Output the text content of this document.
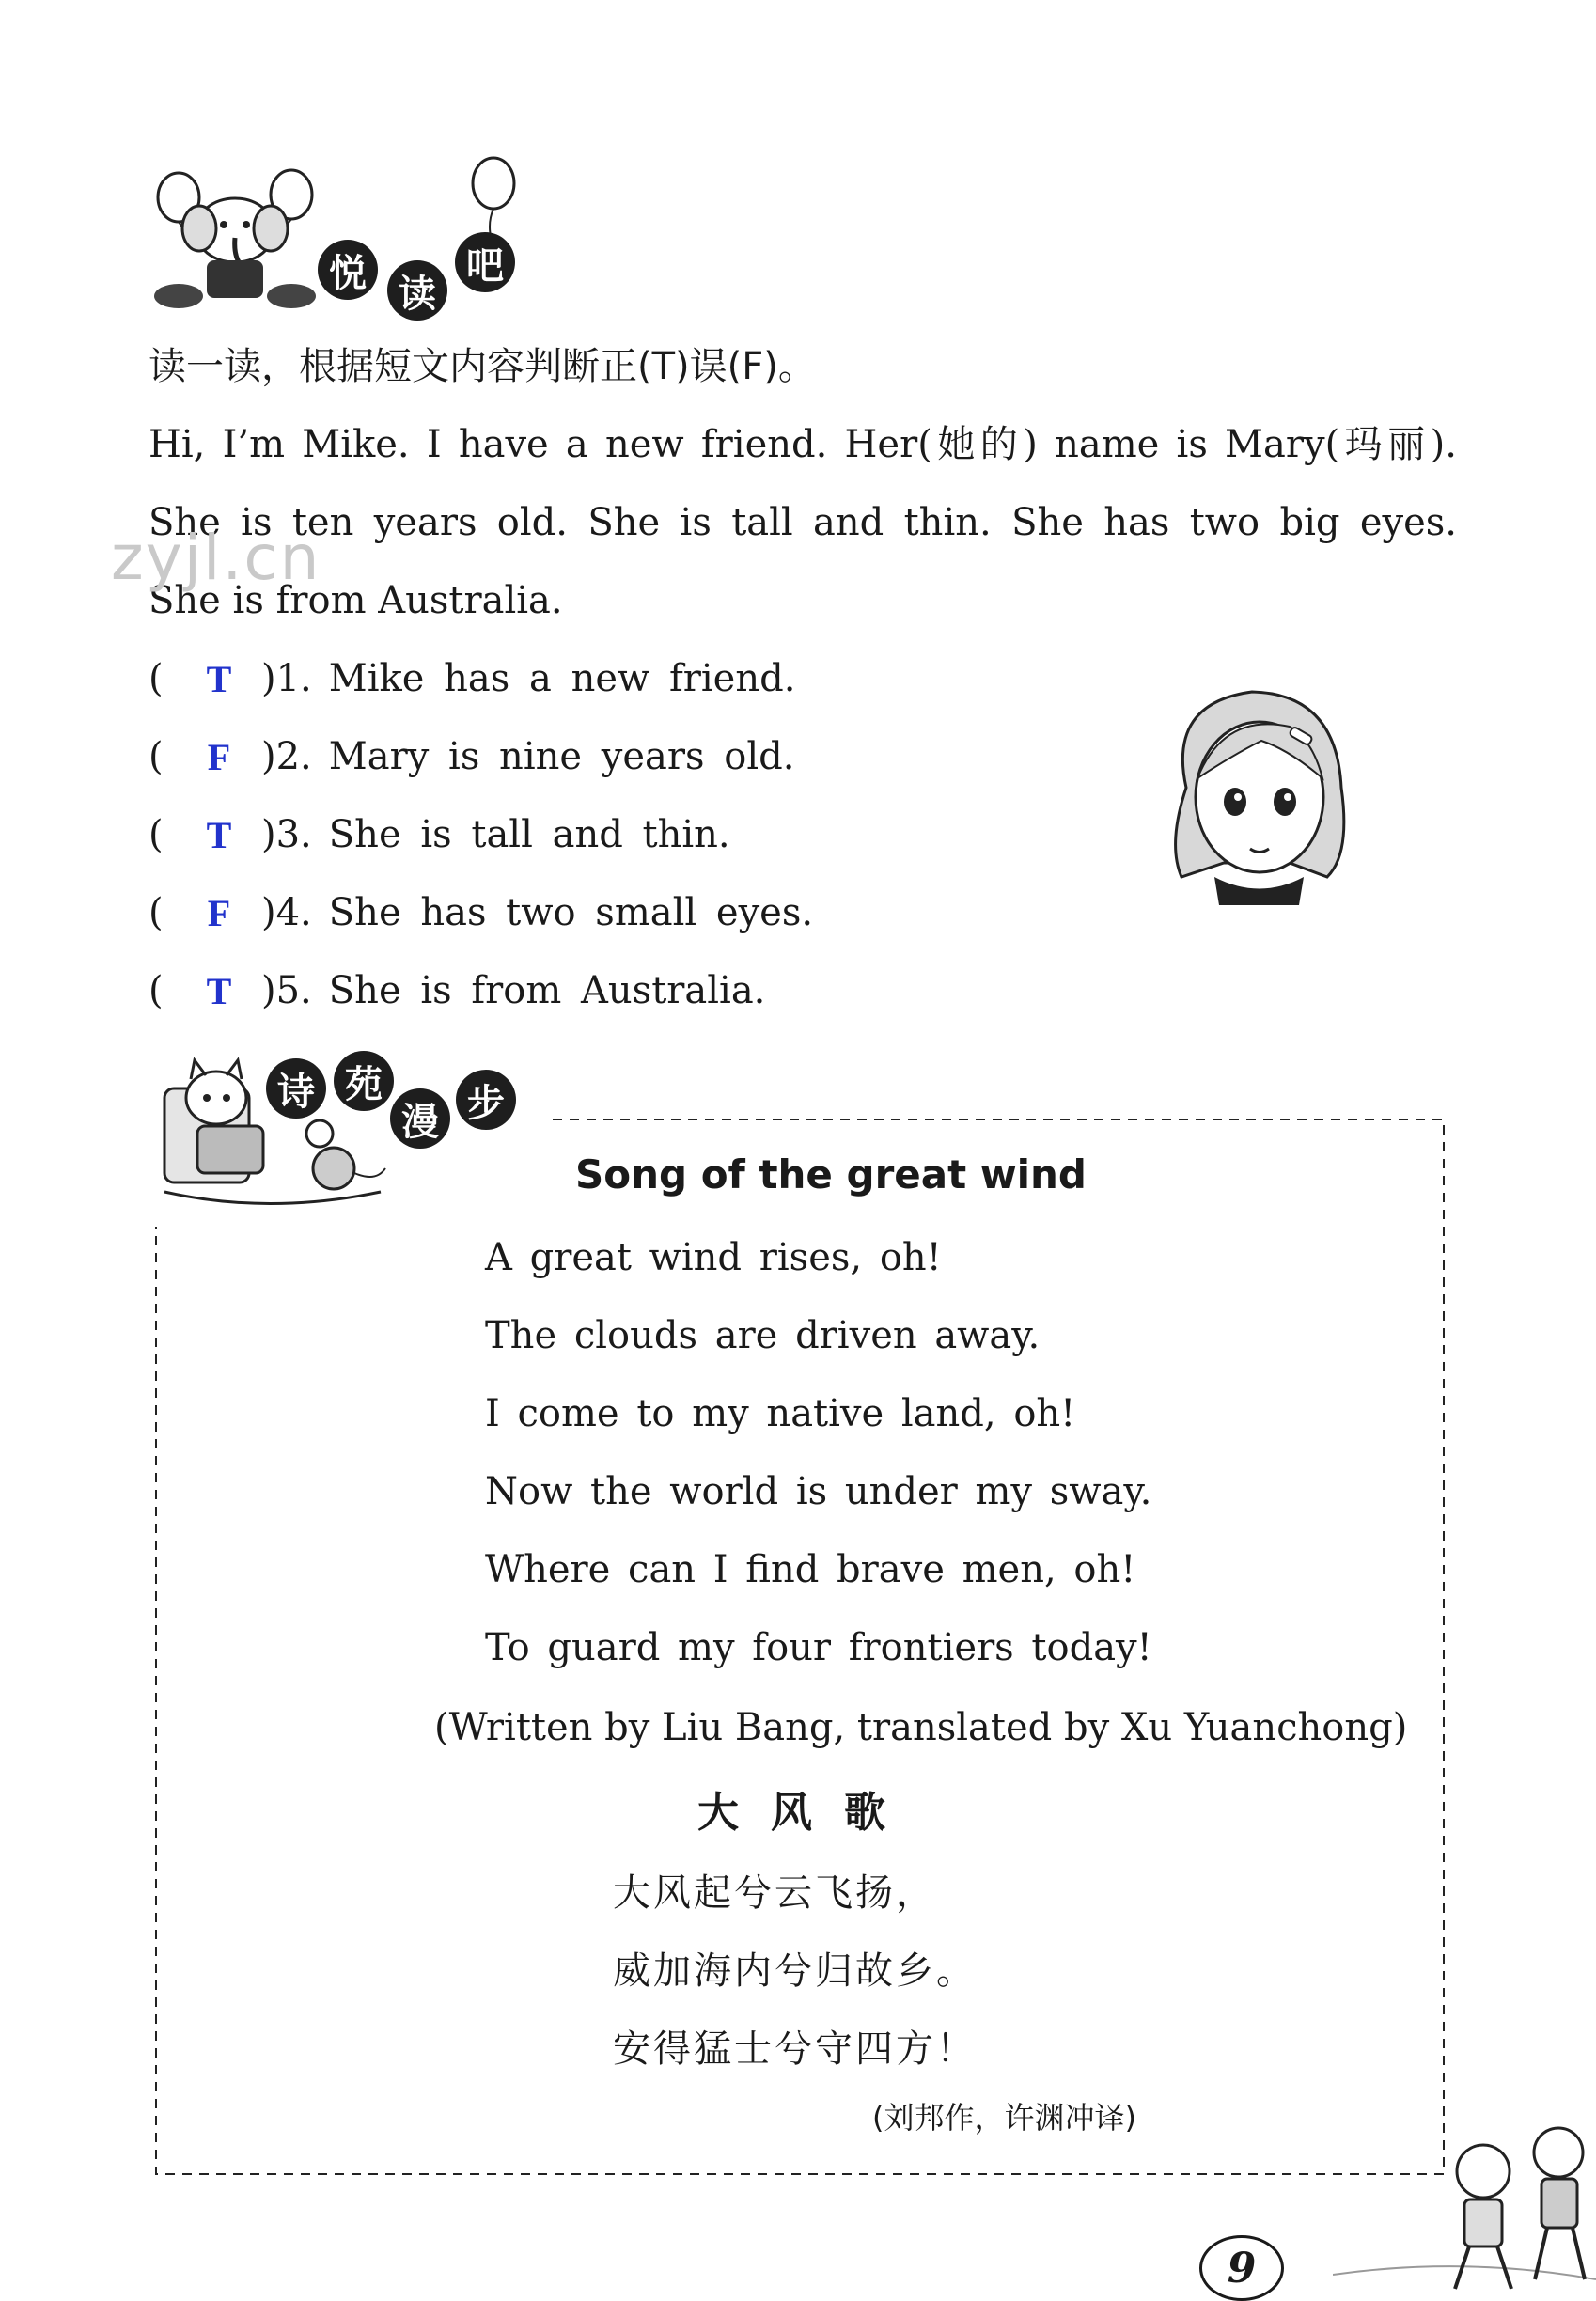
悦 读
吧
读一读，根据短文内容判断正(T)误(F)。
Hi, I’m Mike. I have a new friend. Her(她的) name is Mary(玛丽).
She is ten years old. She is tall and thin. She has two big eyes.
She is from Australia.
zyjl.cn
(	T )1. Mike has a new friend.
(	F )2. Mary is nine years old.
(	T )3. She is tall and thin.
(	F )4. She has two small eyes.
(	T )5. She is from Australia.
诗 苑
漫 步
Song of the great wind
A great wind rises, oh!
The clouds are driven away.
I come to my native land, oh!
Now the world is under my sway.
Where can I find brave men, oh!
To guard my four frontiers today!
(Written by Liu Bang, translated by Xu Yuanchong)
大风歌
大风起兮云飞扬，
威加海内兮归故乡。
安得猛士兮守四方！
(刘邦作，许渊冲译)
9
